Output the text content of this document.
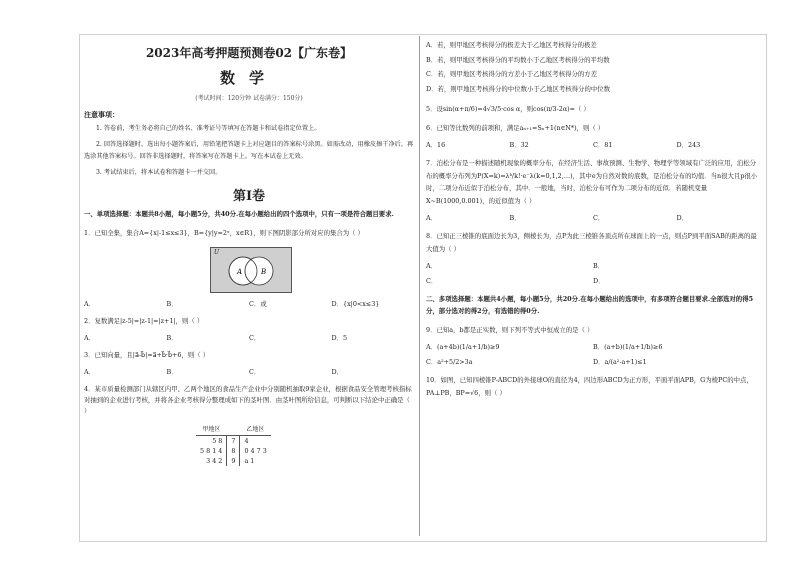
2023年高考押题预测卷02【广东卷】
数学
(考试时间：120分钟 试卷满分：150分)
注意事项：

1. 答卷前，考生务必将自己的姓名、准考证号等填写在答题卡和试卷指定位置上。

2. 回答选择题时，选出每小题答案后，用铅笔把答题卡上对应题目的答案标号涂黑。如需改动，用橡皮擦干净后，再选涂其他答案标号。回答非选择题时，将答案写在答题卡上。写在本试卷上无效。

3. 考试结束后，将本试卷和答题卡一并交回。

第Ⅰ卷
一、单项选择题：本题共8小题，每小题5分，共40分.在每小题给出的四个选项中，只有一项是符合题目要求.
1．已知全集，集合A={x|-1≤x≤3}，B={y|y=2ˣ，x∈R}，则下图阴影部分所对应的集合为（ ）
U
A	B
A．	B．	C．或	D．{x|0<x≤3}
2．复数满足|z-5|=|z-1|=|z+1|，则（ ）
A．	B．	C．	D．5
3．已知向量，且|a⃗-b⃗|=a⃗+b⃗·b⃗+6，则（ ）
A．	B．	C．	D．
4．某市质量检测部门从辖区内甲、乙两个地区的食品生产企业中分别随机抽取9家企业，根据食品安全管理考核指标对抽到的企业进行考核，并将各企业考核得分整理成如下的茎叶图．由茎叶图所给信息，可判断以下结论中正确是（ ）
甲地区		乙地区
5 8	7	4
5 8 1 4	8	0 4 7 3
3 4 2	9	a 1
A．若，则甲地区考核得分的极差大于乙地区考核得分的极差
B．若，则甲地区考核得分的平均数小于乙地区考核得分的平均数
C．若，则甲地区考核得分的方差小于乙地区考核得分的方差
D．若，则甲地区考核得分的中位数小于乙地区考核得分的中位数
5．设sin(α+π/6)=4√3/5·cos α，则cos(π/3-2α)=（ ）
6．已知等比数列的前项和，满足aₙ₊₁=Sₙ+1(n∈N*)，则（ ）
A．16	B．32	C．81	D．243
7．泊松分布是一种描述随机现象的概率分布，在经济生活、事故预测、生物学、物理学等领域有广泛的应用，泊松分布的概率分布列为P(X=k)=λᵏ/k!·e⁻λ(k=0,1,2,…)，其中e为自然对数的底数，是泊松分布的均值．当n很大且p很小时，二项分布近似于泊松分布，其中．一般地，当时，泊松分布可作为二项分布的近似．若随机变量X~B(1000,0.001)，的近似值为（ ）
A．	B．	C．	D．
8．已知正三棱锥的底面边长为3，侧棱长为，点P为此三棱锥各顶点所在球面上的一点，则点P到平面SAB的距离的最大值为（ ）
A．	B．
C．	D．
二、多项选择题：本题共4小题，每小题5分，共20分.在每小题给出的选项中，有多项符合题目要求.全部选对的得5分，部分选对的得2分，有选错的得0分.
9．已知a，b都是正实数，则下列不等式中恒成立的是（ ）
A．(a+4b)(1/a+1/b)≥9	B．(a+b)(1/a+1/b)≥6
C．a²+5/2>3a	D．a/(a²-a+1)≤1
10．如图，已知四棱锥P-ABCD的外接球O的直径为4，四边形ABCD为正方形，平面平面APB，G为棱PC的中点，PA⊥PB，BP=√6，则（ ）
